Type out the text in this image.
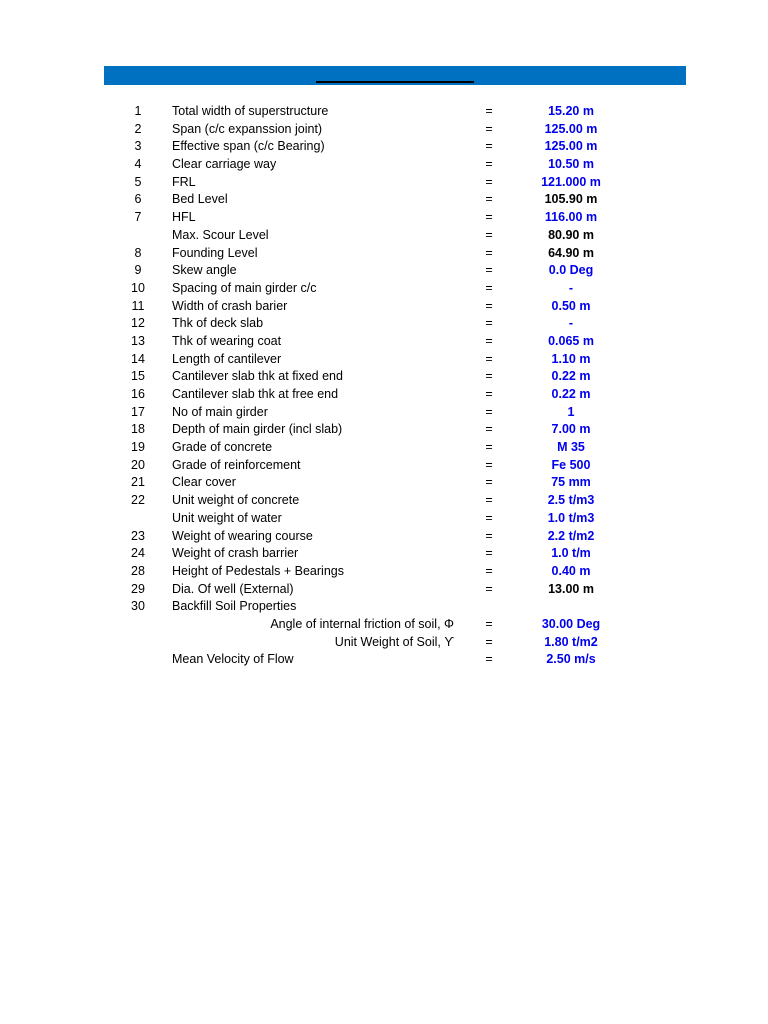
1	Total width of superstructure	=	15.20 m
2	Span (c/c expanssion joint)	=	125.00 m
3	Effective span (c/c Bearing)	=	125.00 m
4	Clear carriage way	=	10.50 m
5	FRL	=	121.000 m
6	Bed Level	=	105.90 m
7	HFL	=	116.00 m
Max. Scour Level	=	80.90 m
8	Founding Level	=	64.90 m
9	Skew angle	=	0.0 Deg
10	Spacing of main girder c/c	=	-
11	Width of crash barier	=	0.50 m
12	Thk of deck slab	=	-
13	Thk of wearing coat	=	0.065 m
14	Length of cantilever	=	1.10 m
15	Cantilever slab thk at fixed end	=	0.22 m
16	Cantilever slab thk at free end	=	0.22 m
17	No of main girder	=	1
18	Depth of main girder (incl slab)	=	7.00 m
19	Grade of concrete	=	M 35
20	Grade of reinforcement	=	Fe 500
21	Clear cover	=	75 mm
22	Unit weight of concrete	=	2.5 t/m3
Unit weight of water	=	1.0 t/m3
23	Weight of wearing course	=	2.2 t/m2
24	Weight of crash barrier	=	1.0 t/m
28	Height of Pedestals + Bearings	=	0.40 m
29	Dia. Of well (External)	=	13.00 m
30	Backfill Soil Properties
Angle of internal friction of soil, Φ	=	30.00 Deg
Unit Weight of Soil, ϒ	=	1.80 t/m2
Mean Velocity of Flow	=	2.50 m/s
